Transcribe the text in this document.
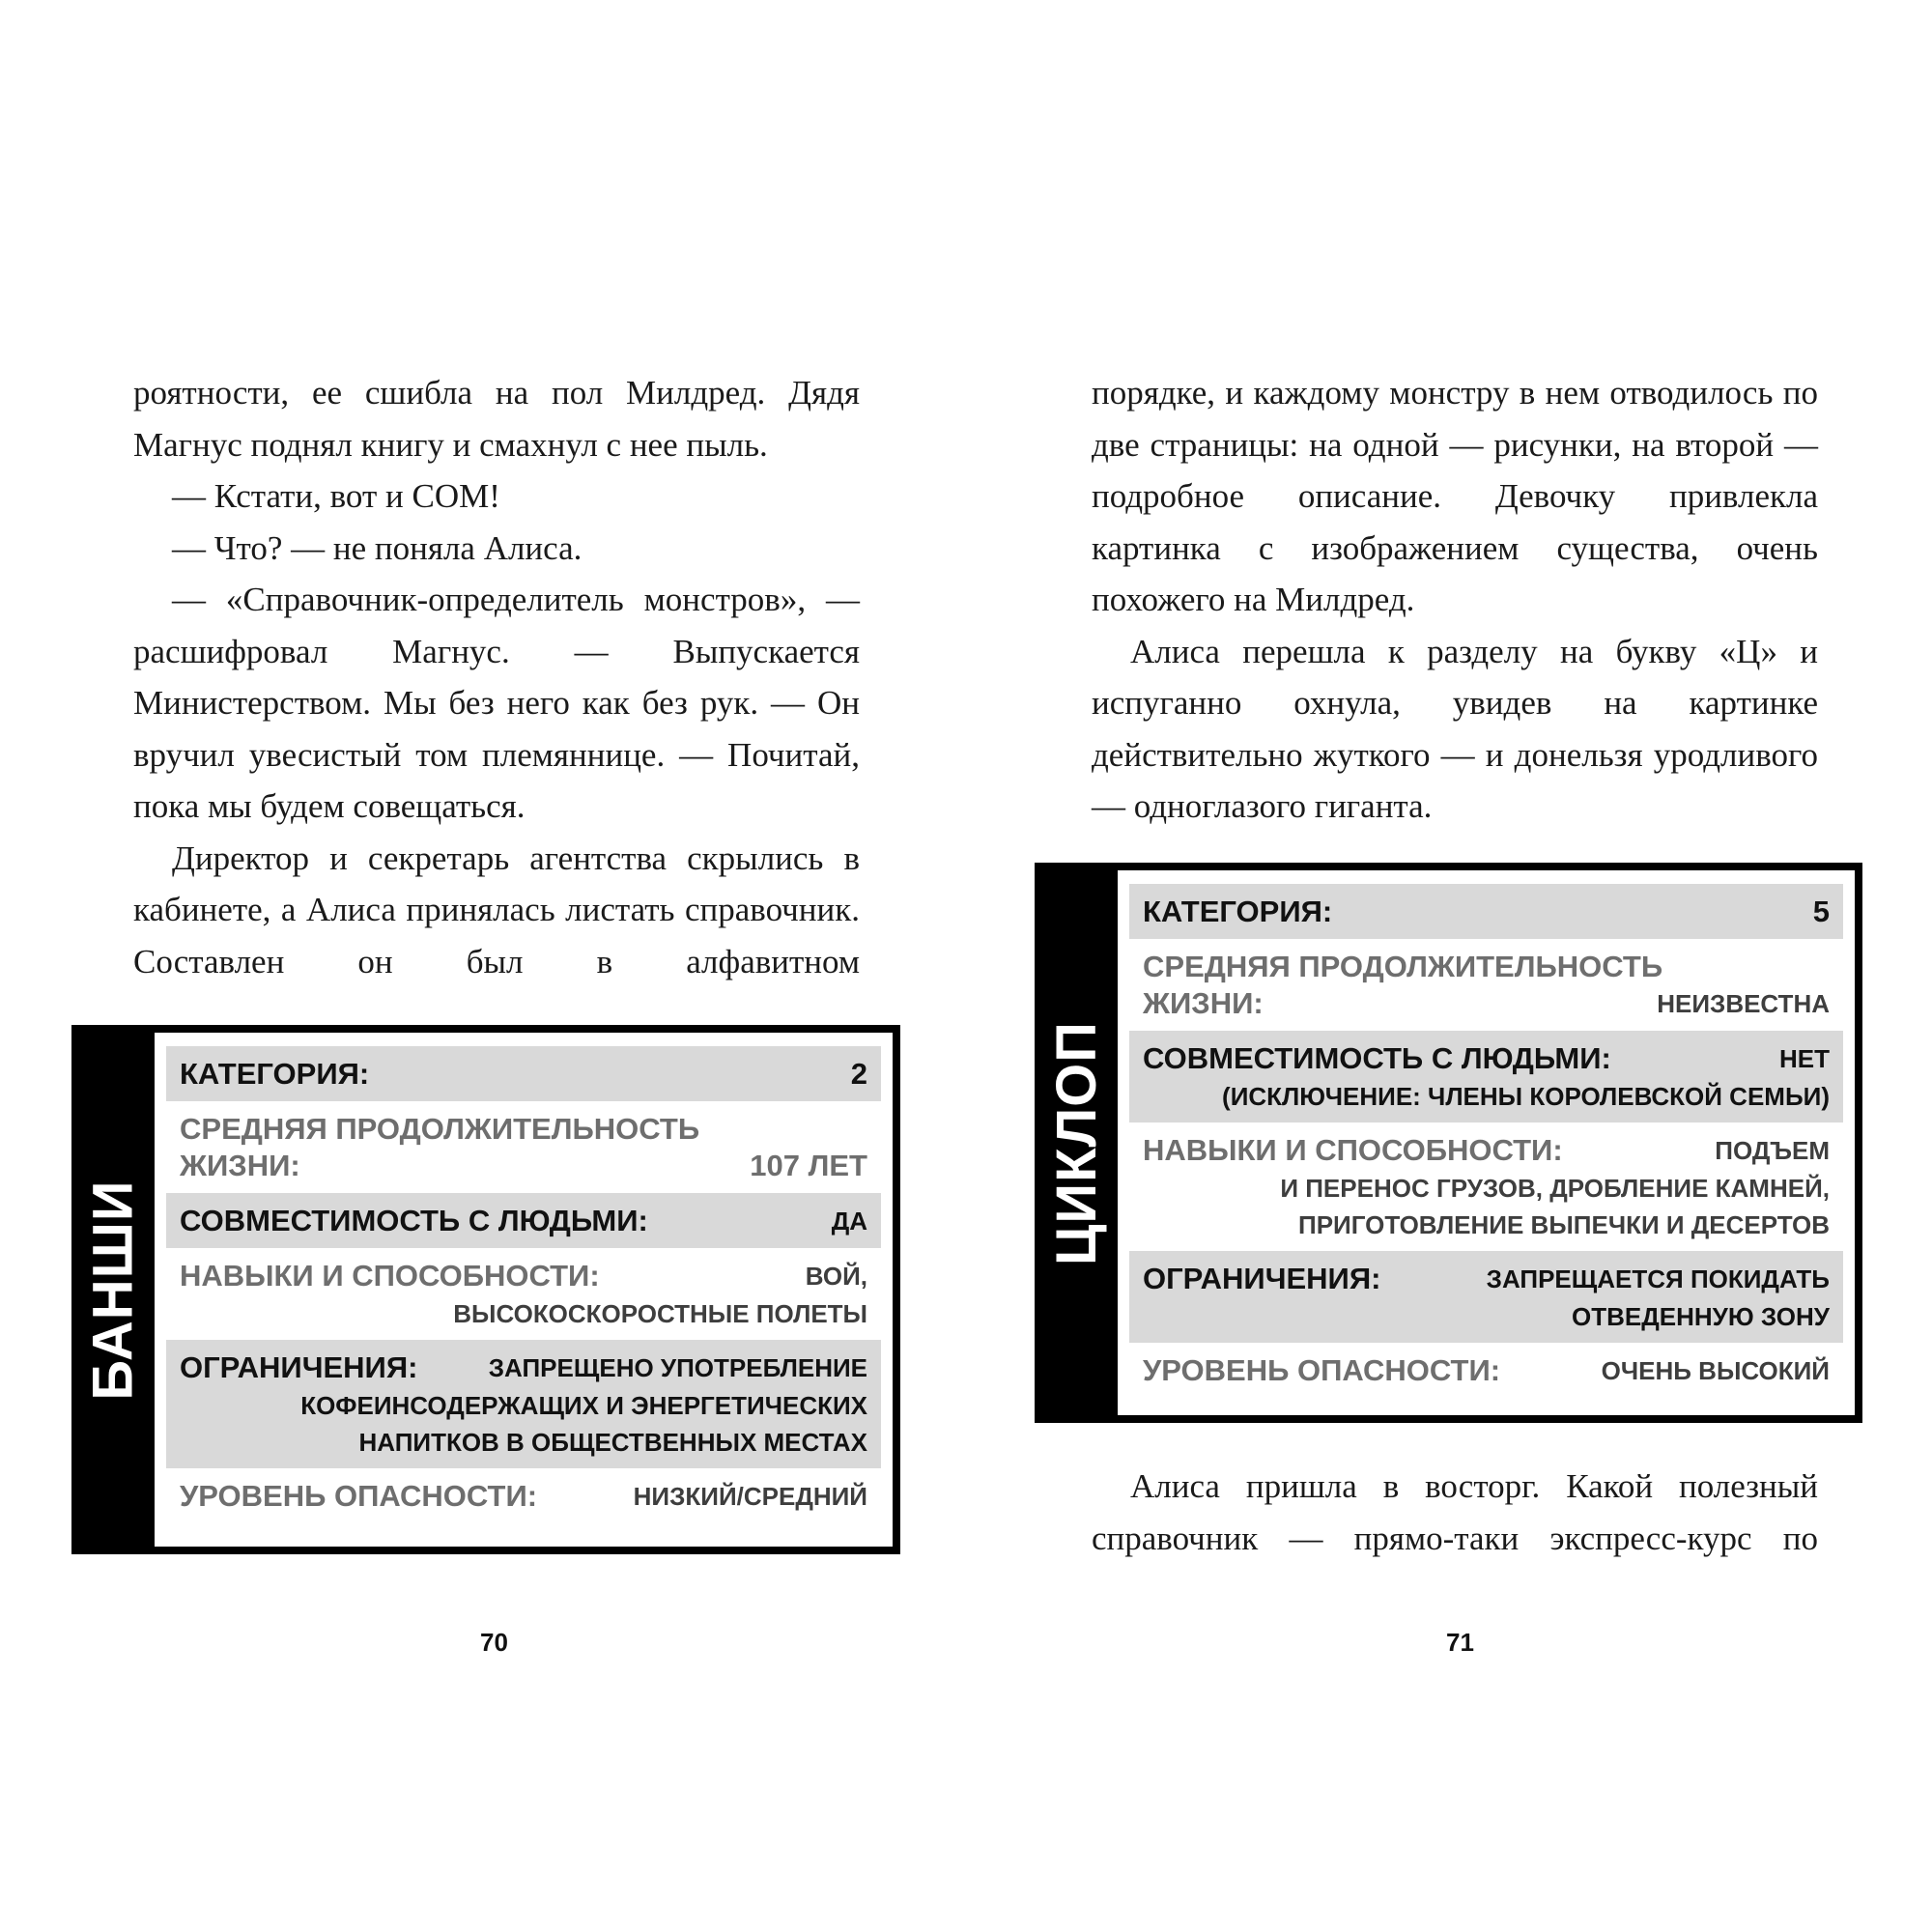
роятности, ее сшибла на пол Милдред. Дядя Магнус поднял книгу и смахнул с нее пыль.

— Кстати, вот и СОМ!

— Что? — не поняла Алиса.

— «Справочник-определитель монстров», — расшифровал Магнус. — Выпускается Министерством. Мы без него как без рук. — Он вручил увесистый том племяннице. — Почитай, пока мы будем совещаться.

Директор и секретарь агентства скрылись в кабинете, а Алиса принялась листать справочник. Составлен он был в алфавитном

БАНШИ
КАТЕГОРИЯ:	2
СРЕДНЯЯ ПРОДОЛЖИТЕЛЬНОСТЬ
ЖИЗНИ:	107 ЛЕТ
СОВМЕСТИМОСТЬ С ЛЮДЬМИ:	ДА
НАВЫКИ И СПОСОБНОСТИ:	ВОЙ,
ВЫСОКОСКОРОСТНЫЕ ПОЛЕТЫ
ОГРАНИЧЕНИЯ:	ЗАПРЕЩЕНО УПОТРЕБЛЕНИЕ
КОФЕИНСОДЕРЖАЩИХ И ЭНЕРГЕТИЧЕСКИХ
НАПИТКОВ В ОБЩЕСТВЕННЫХ МЕСТАХ
УРОВЕНЬ ОПАСНОСТИ:	НИЗКИЙ/СРЕДНИЙ
70

порядке, и каждому монстру в нем отводилось по две страницы: на одной — рисунки, на второй — подробное описание. Девочку привлекла картинка с изображением существа, очень похожего на Милдред.

Алиса перешла к разделу на букву «Ц» и испуганно охнула, увидев на картинке действительно жуткого — и донельзя уродливого — одноглазого гиганта.

ЦИКЛОП
КАТЕГОРИЯ:	5
СРЕДНЯЯ ПРОДОЛЖИТЕЛЬНОСТЬ
ЖИЗНИ:	НЕИЗВЕСТНА
СОВМЕСТИМОСТЬ С ЛЮДЬМИ:	НЕТ
(ИСКЛЮЧЕНИЕ: ЧЛЕНЫ КОРОЛЕВСКОЙ СЕМЬИ)
НАВЫКИ И СПОСОБНОСТИ:	ПОДЪЕМ
И ПЕРЕНОС ГРУЗОВ, ДРОБЛЕНИЕ КАМНЕЙ,
ПРИГОТОВЛЕНИЕ ВЫПЕЧКИ И ДЕСЕРТОВ
ОГРАНИЧЕНИЯ:	ЗАПРЕЩАЕТСЯ ПОКИДАТЬ
ОТВЕДЕННУЮ ЗОНУ
УРОВЕНЬ ОПАСНОСТИ:	ОЧЕНЬ ВЫСОКИЙ

Алиса пришла в восторг. Какой полезный справочник — прямо-таки экспресс-курс по

71
